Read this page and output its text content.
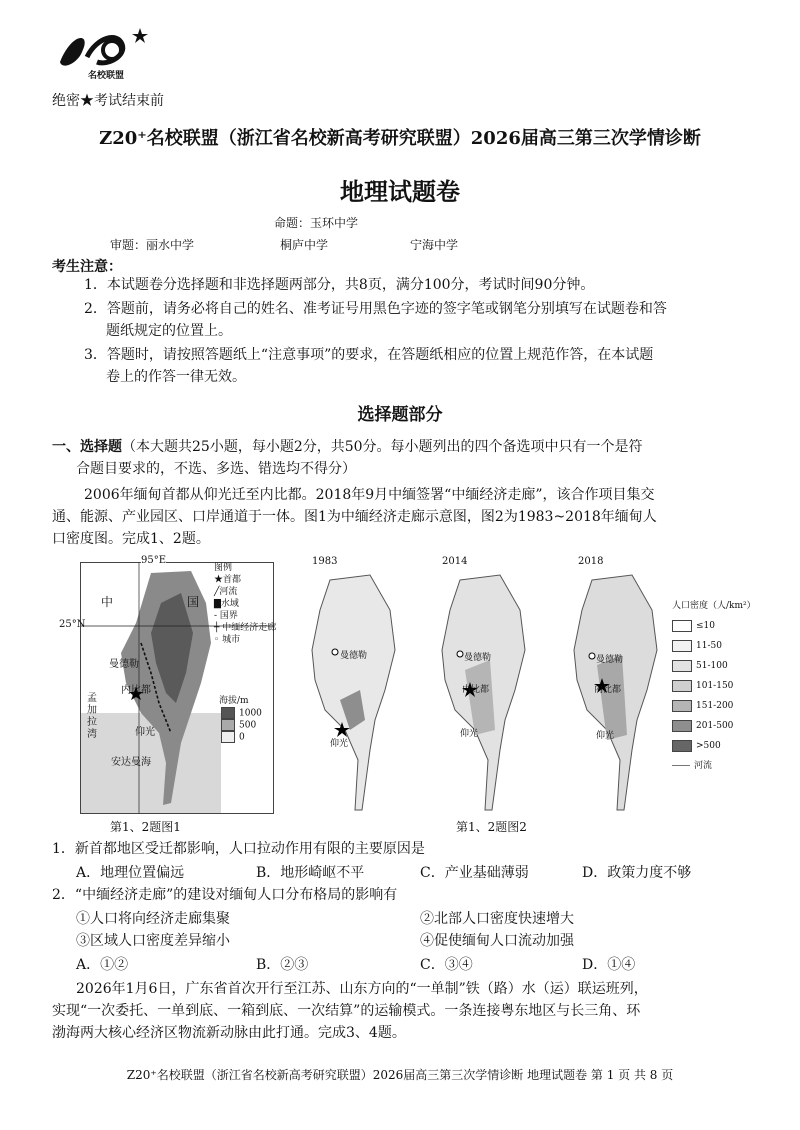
名校联盟
绝密★考试结束前
Z20⁺名校联盟（浙江省名校新高考研究联盟）2026届高三第三次学情诊断
地理试题卷
命题：玉环中学
审题：丽水中学	桐庐中学	宁海中学
考生注意：
1．本试题卷分选择题和非选择题两部分，共8页，满分100分，考试时间90分钟。
2．答题前，请务必将自己的姓名、准考证号用黑色字迹的签字笔或钢笔分别填写在试题卷和答
题纸规定的位置上。
3．答题时，请按照答题纸上“注意事项”的要求，在答题纸相应的位置上规范作答，在本试题
卷上的作答一律无效。
选择题部分
一、选择题（本大题共25小题，每小题2分，共50分。每小题列出的四个备选项中只有一个是符
合题目要求的，不选、多选、错选均不得分）
2006年缅甸首都从仰光迁至内比都。2018年9月中缅签署“中缅经济走廊”，该合作项目集交
通、能源、产业园区、口岸通道于一体。图1为中缅经济走廊示意图，图2为1983~2018年缅甸人
口密度图。完成1、2题。
95°E
25°N
中	国
曼德勒
内比都
仰光
孟加拉湾
安达曼海
海拔/m
1000
500
0
图例
★首都
╱河流
▇水域
- 国界
┼ 中缅经济走廊
◦ 城市
第1、2题图1
1983	2014	2018
曼德勒
仰光
曼德勒
内比都
仰光
曼德勒
内比都
仰光
人口密度（人/km²）
≤10
11-50
51-100
101-150
151-200
201-500
>500
河流
第1、2题图2
1．新首都地区受迁都影响，人口拉动作用有限的主要原因是
A．地理位置偏远	B．地形崎岖不平	C．产业基础薄弱	D．政策力度不够
2．“中缅经济走廊”的建设对缅甸人口分布格局的影响有
①人口将向经济走廊集聚	②北部人口密度快速增大
③区域人口密度差异缩小	④促使缅甸人口流动加强
A．①②	B．②③	C．③④	D．①④
2026年1月6日，广东省首次开行至江苏、山东方向的“一单制”铁（路）水（运）联运班列，
实现“一次委托、一单到底、一箱到底、一次结算”的运输模式。一条连接粤东地区与长三角、环
渤海两大核心经济区物流新动脉由此打通。完成3、4题。
Z20⁺名校联盟（浙江省名校新高考研究联盟）2026届高三第三次学情诊断 地理试题卷 第 1 页 共 8 页
